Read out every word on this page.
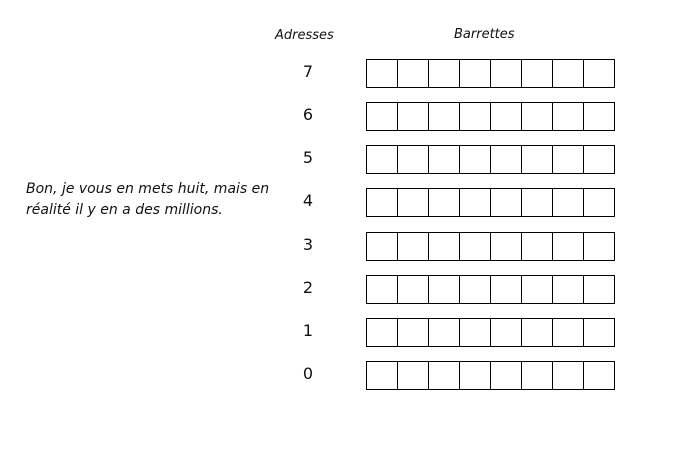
Adresses	Barrettes
Bon, je vous en mets huit, mais en
réalité il y en a des millions.
7
6
5
4
3
2
1
0
